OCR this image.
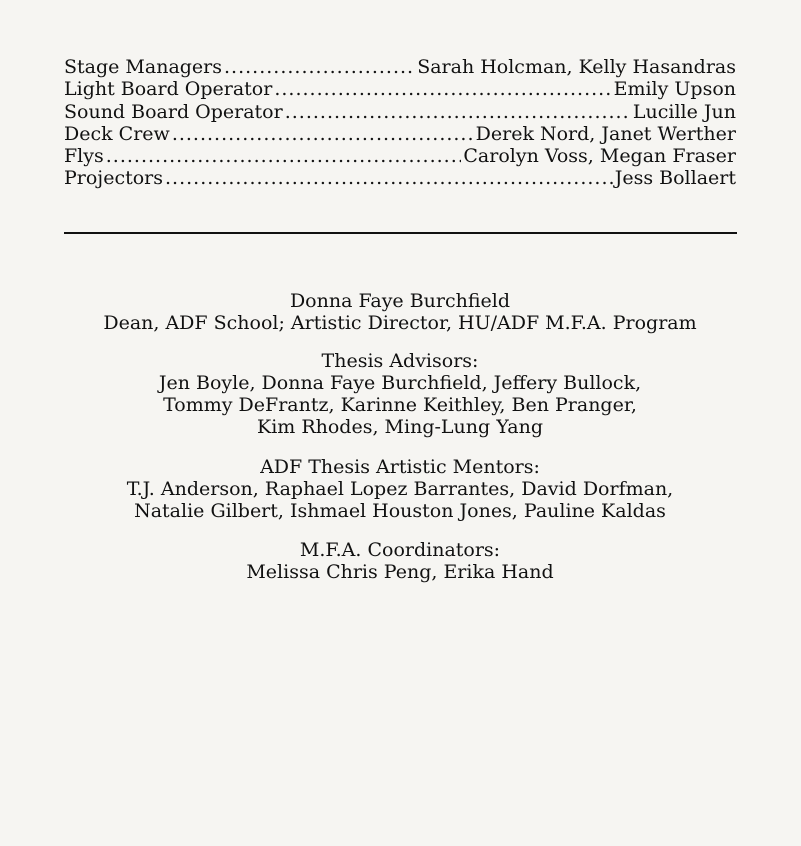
Stage Managers .....	Sarah Holcman, Kelly Hasandras
Light Board Operator .....	Emily Upson
Sound Board Operator .....	Lucille Jun
Deck Crew .....	Derek Nord, Janet Werther
Flys .....	Carolyn Voss, Megan Fraser
Projectors .....	Jess Bollaert
Donna Faye Burchfield
Dean, ADF School; Artistic Director, HU/ADF M.F.A. Program
Thesis Advisors:
Jen Boyle, Donna Faye Burchfield, Jeffery Bullock,
Tommy DeFrantz, Karinne Keithley, Ben Pranger,
Kim Rhodes, Ming-Lung Yang
ADF Thesis Artistic Mentors:
T.J. Anderson, Raphael Lopez Barrantes, David Dorfman,
Natalie Gilbert, Ishmael Houston Jones, Pauline Kaldas
M.F.A. Coordinators:
Melissa Chris Peng, Erika Hand
